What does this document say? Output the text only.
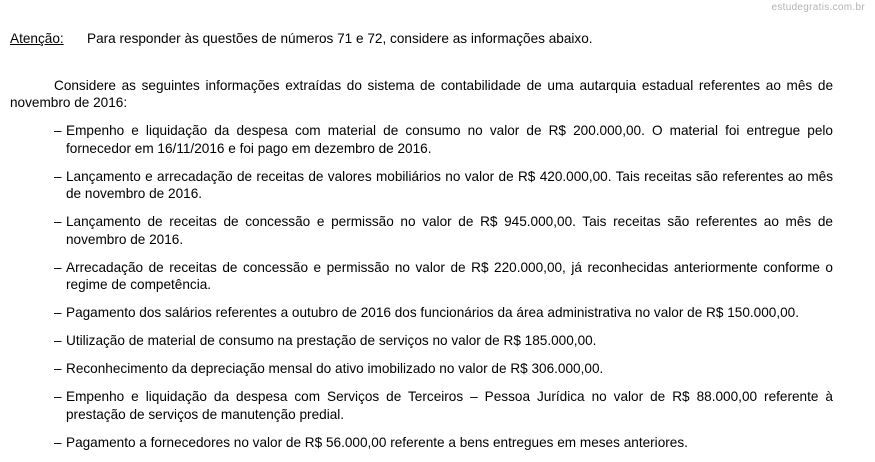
estudegratis.com.br
Atenção: Para responder às questões de números 71 e 72, considere as informações abaixo.
Considere as seguintes informações extraídas do sistema de contabilidade de uma autarquia estadual referentes ao mês de novembro de 2016:
– Empenho e liquidação da despesa com material de consumo no valor de R$ 200.000,00. O material foi entregue pelo fornecedor em 16/11/2016 e foi pago em dezembro de 2016.
– Lançamento e arrecadação de receitas de valores mobiliários no valor de R$ 420.000,00. Tais receitas são referentes ao mês de novembro de 2016.
– Lançamento de receitas de concessão e permissão no valor de R$ 945.000,00. Tais receitas são referentes ao mês de novembro de 2016.
– Arrecadação de receitas de concessão e permissão no valor de R$ 220.000,00, já reconhecidas anteriormente conforme o regime de competência.
– Pagamento dos salários referentes a outubro de 2016 dos funcionários da área administrativa no valor de R$ 150.000,00.
– Utilização de material de consumo na prestação de serviços no valor de R$ 185.000,00.
– Reconhecimento da depreciação mensal do ativo imobilizado no valor de R$ 306.000,00.
– Empenho e liquidação da despesa com Serviços de Terceiros – Pessoa Jurídica no valor de R$ 88.000,00 referente à prestação de serviços de manutenção predial.
– Pagamento a fornecedores no valor de R$ 56.000,00 referente a bens entregues em meses anteriores.
